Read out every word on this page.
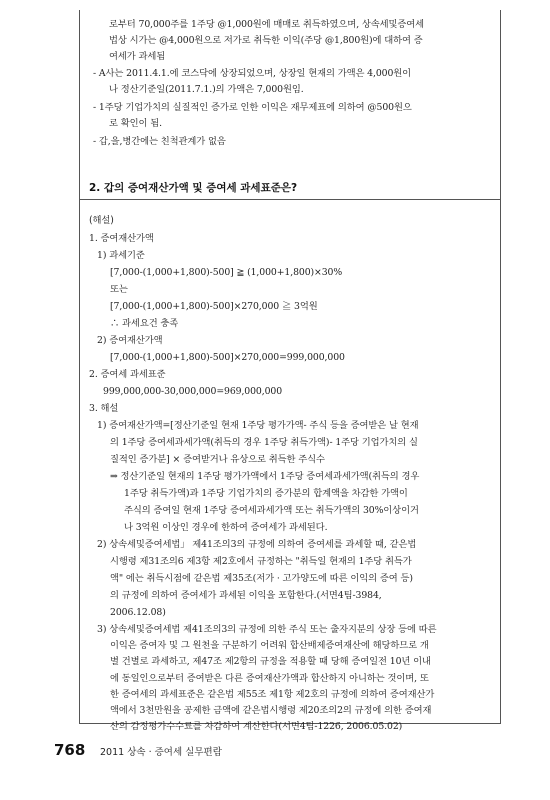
로부터 70,000주를 1주당 @1,000원에 매매로 취득하였으며, 상속세및증여세
법상 시가는 @4,000원으로 저가로 취득한 이익(주당 @1,800원)에 대하여 증
여세가 과세됨
- A사는 2011.4.1.에 코스닥에 상장되었으며, 상장일 현재의 가액은 4,000원이
나 정산기준일(2011.7.1.)의 가액은 7,000원임.
- 1주당 기업가치의 실질적인 증가로 인한 이익은 재무제표에 의하여 @500원으
로 확인이 됨.
- 갑,을,병간에는 친척관계가 없음
2. 갑의 증여재산가액 및 증여세 과세표준은?
(해설)
1. 증여재산가액
1) 과세기준
[7,000-(1,000+1,800)-500] ≧ (1,000+1,800)×30%
또는
[7,000-(1,000+1,800)-500]×270,000 ≧ 3억원
∴ 과세요건 충족
2) 증여재산가액
[7,000-(1,000+1,800)-500]×270,000=999,000,000
2. 증여세 과세표준
999,000,000-30,000,000=969,000,000
3. 해설
1) 증여재산가액=[정산기준일 현재 1주당 평가가액- 주식 등을 증여받은 날 현재
의 1주당 증여세과세가액(취득의 경우 1주당 취득가액)- 1주당 기업가치의 실
질적인 증가분] × 증여받거나 유상으로 취득한 주식수
⇒ 정산기준일 현재의 1주당 평가가액에서 1주당 증여세과세가액(취득의 경우
1주당 취득가액)과 1주당 기업가치의 증가분의 합계액을 차감한 가액이
주식의 증여일 현재 1주당 증여세과세가액 또는 취득가액의 30%이상이거
나 3억원 이상인 경우에 한하여 증여세가 과세된다.
2) 상속세및증여세법」 제41조의3의 규정에 의하여 증여세를 과세할 때, 같은법
시행령 제31조의6 제3항 제2호에서 규정하는 "취득일 현재의 1주당 취득가
액" 에는 취득시점에 같은법 제35조(저가 · 고가양도에 따른 이익의 증여 등)
의 규정에 의하여 증여세가 과세된 이익을 포함한다.(서면4팀-3984,
2006.12.08)
3) 상속세및증여세법 제41조의3의 규정에 의한 주식 또는 출자지분의 상장 등에 따른
이익은 증여자 및 그 원천을 구분하기 어려워 합산배제증여재산에 해당하므로 개
별 건별로 과세하고, 제47조 제2항의 규정을 적용할 때 당해 증여일전 10년 이내
에 동일인으로부터 증여받은 다른 증여재산가액과 합산하지 아니하는 것이며, 또
한 증여세의 과세표준은 같은법 제55조 제1항 제2호의 규정에 의하여 증여재산가
액에서 3천만원을 공제한 금액에 같은법시행령 제20조의2의 규정에 의한 증여재
산의 감정평가수수료를 차감하여 계산한다(서면4팀-1226, 2006.05.02)
768 2011 상속 · 증여세 실무편람
